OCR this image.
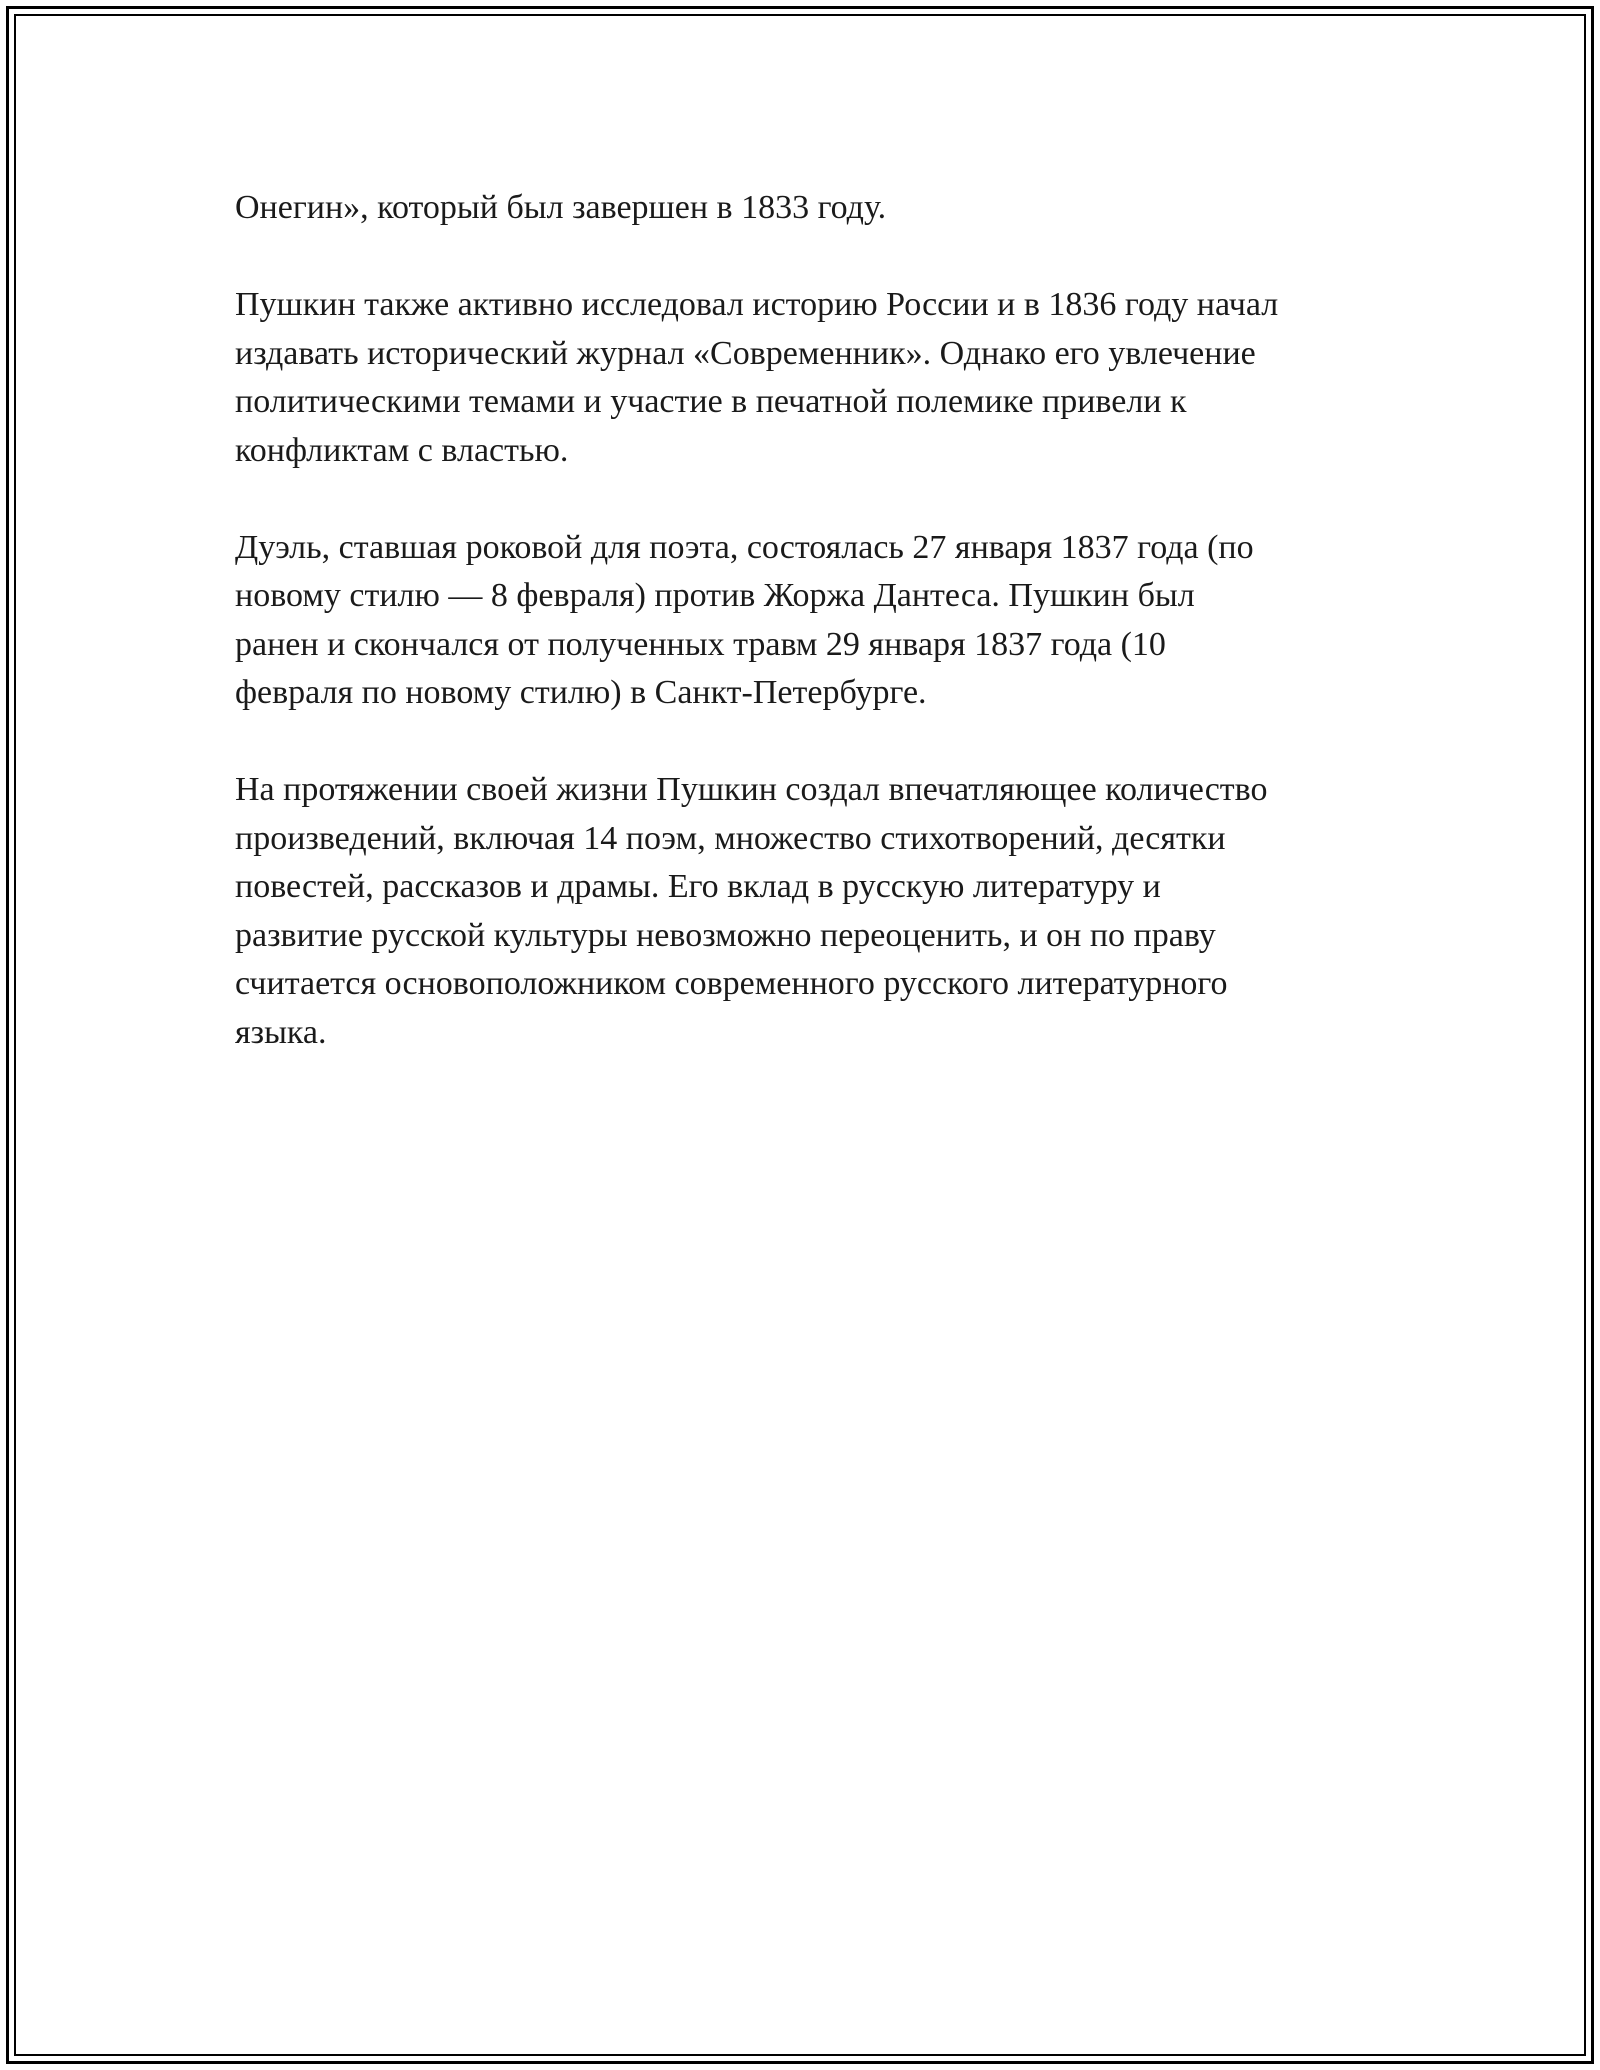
Онегин», который был завершен в 1833 году.

Пушкин также активно исследовал историю России и в 1836 году начал
издавать исторический журнал «Современник». Однако его увлечение
политическими темами и участие в печатной полемике привели к
конфликтам с властью.

Дуэль, ставшая роковой для поэта, состоялась 27 января 1837 года (по
новому стилю — 8 февраля) против Жоржа Дантеса. Пушкин был
ранен и скончался от полученных травм 29 января 1837 года (10
февраля по новому стилю) в Санкт-Петербурге.

На протяжении своей жизни Пушкин создал впечатляющее количество
произведений, включая 14 поэм, множество стихотворений, десятки
повестей, рассказов и драмы. Его вклад в русскую литературу и
развитие русской культуры невозможно переоценить, и он по праву
считается основоположником современного русского литературного
языка.
